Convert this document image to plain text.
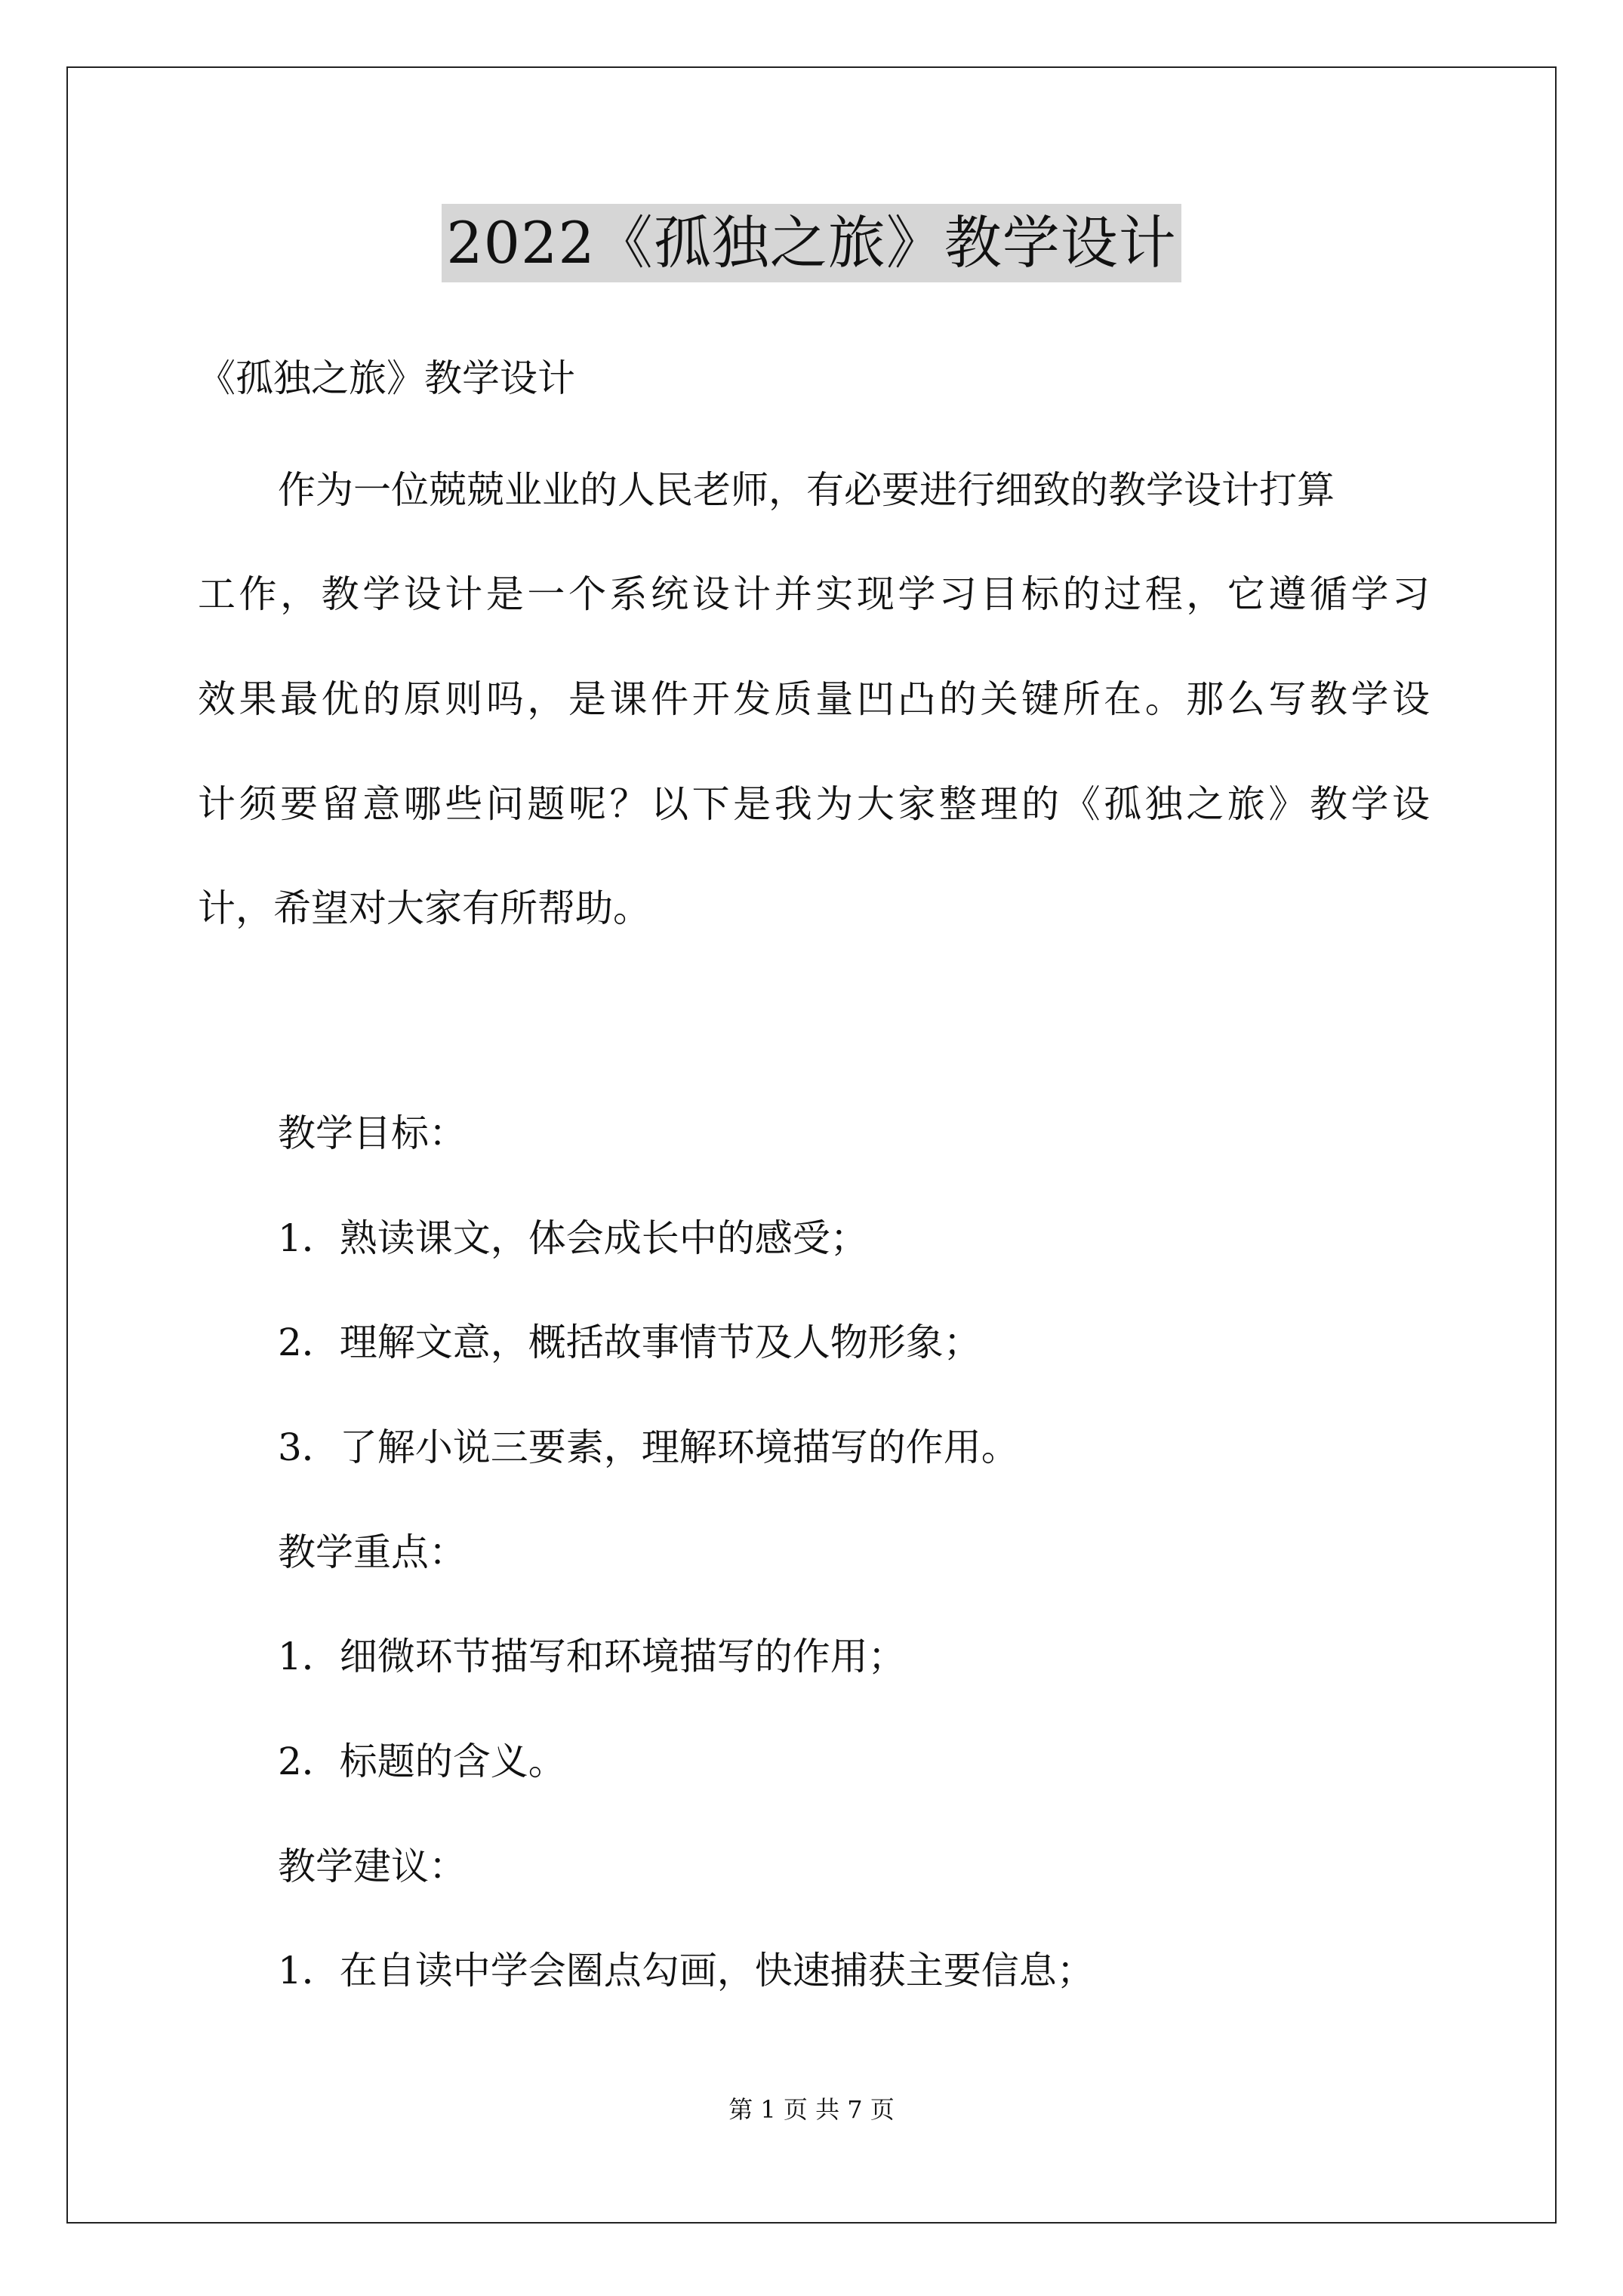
2022《孤独之旅》教学设计
《孤独之旅》教学设计
作为一位兢兢业业的人民老师，有必要进行细致的教学设计打算
工作，教学设计是一个系统设计并实现学习目标的过程，它遵循学习
效果最优的原则吗，是课件开发质量凹凸的关键所在。那么写教学设
计须要留意哪些问题呢？以下是我为大家整理的《孤独之旅》教学设
计，希望对大家有所帮助。
教学目标：
1．熟读课文，体会成长中的感受；
2．理解文意，概括故事情节及人物形象；
3．了解小说三要素，理解环境描写的作用。
教学重点：
1．细微环节描写和环境描写的作用；
2．标题的含义。
教学建议：
1．在自读中学会圈点勾画，快速捕获主要信息；
第 1 页 共 7 页
